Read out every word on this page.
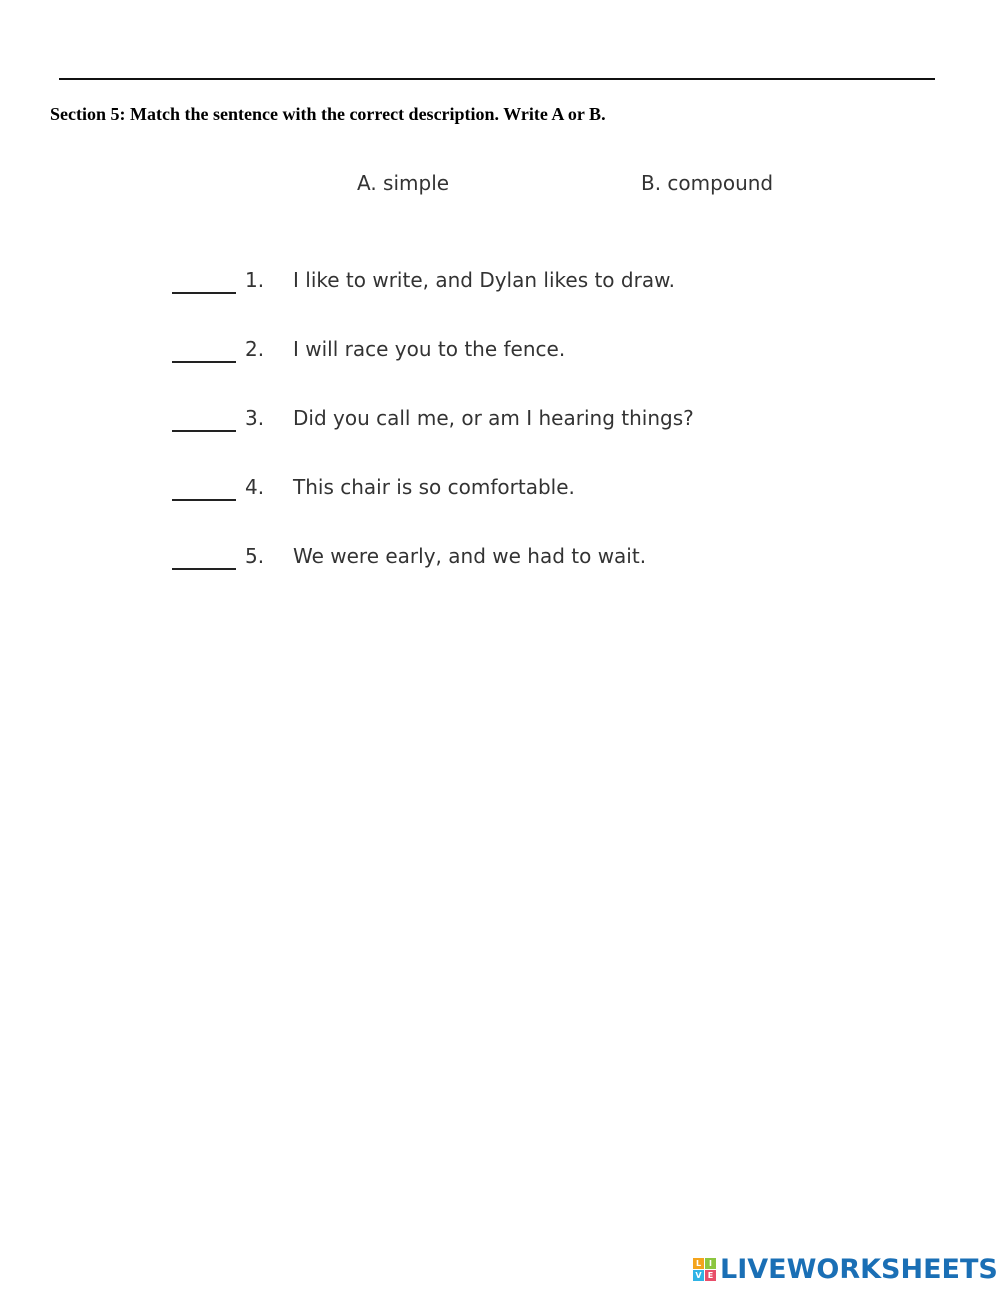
Section 5: Match the sentence with the correct description. Write A or B.
A. simple	B. compound
1. I like to write, and Dylan likes to draw.
2. I will race you to the fence.
3. Did you call me, or am I hearing things?
4. This chair is so comfortable.
5. We were early, and we had to wait.
L I
V E LIVEWORKSHEETS
